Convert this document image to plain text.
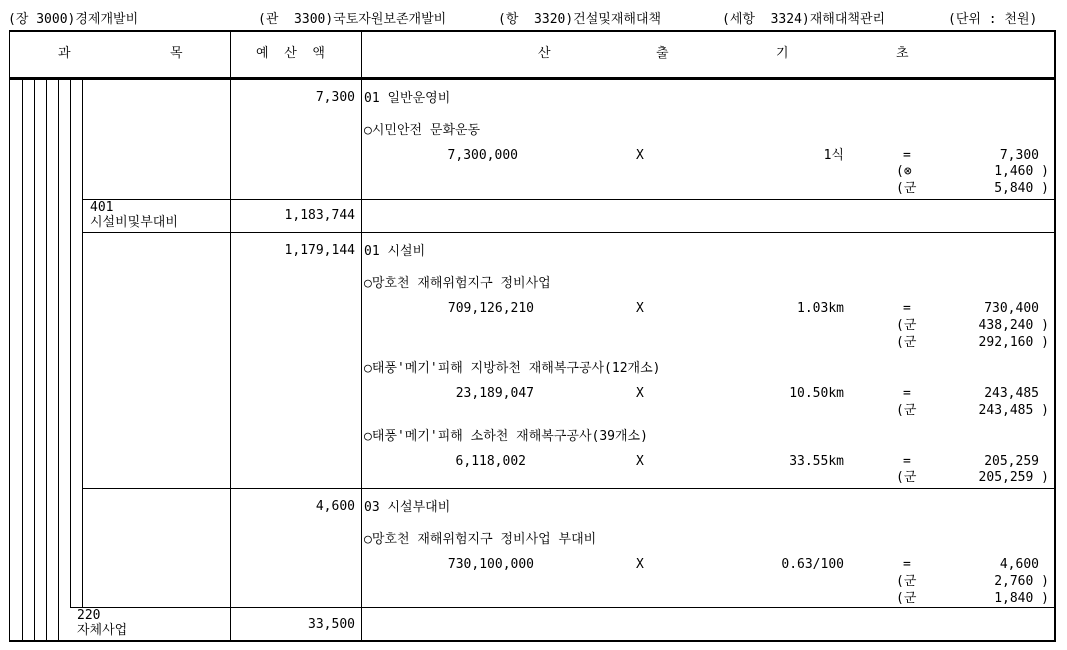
(장 3000)경제개발비	(관  3300)국토자원보존개발비	(항  3320)건설및재해대책	(세항  3324)재해대책관리	(단위 : 천원)
과	목	예  산  액	산	출	기	초
7,300 01 일반운영비
○시민안전 문화운동
7,300,000	X	1식	=	7,300
(⊗	1,460 )
(군	5,840 )
401
시설비및부대비	1,183,744
1,179,144 01 시설비
○망호천 재해위험지구 정비사업
709,126,210	X	1.03km	=	730,400
(군	438,240 )
(군	292,160 )
○태풍'메기'피해 지방하천 재해복구공사(12개소)
23,189,047	X	10.50km	=	243,485
(군	243,485 )
○태풍'메기'피해 소하천 재해복구공사(39개소)
6,118,002	X	33.55km	=	205,259
(군	205,259 )
4,600 03 시설부대비
○망호천 재해위험지구 정비사업 부대비
730,100,000	X	0.63/100	=	4,600
(군	2,760 )
(군	1,840 )
220
자체사업	33,500
